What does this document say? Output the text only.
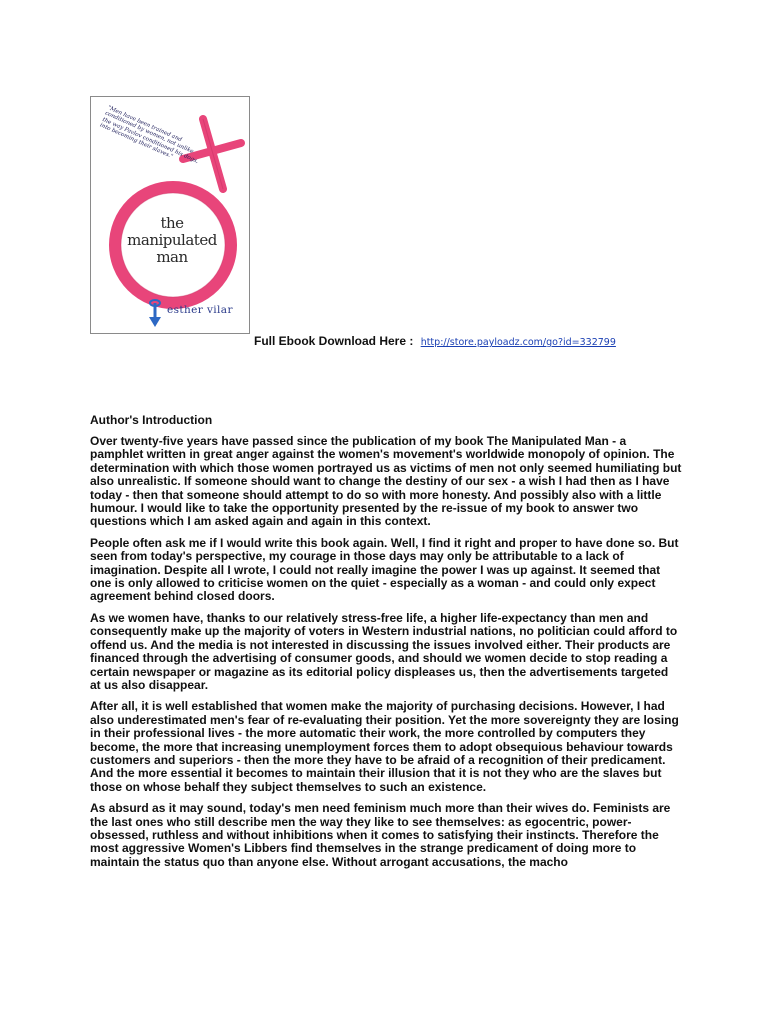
"Men have been trained and conditioned by women, not unlike the way Pavlov conditioned his dogs, into becoming their slaves."
the
manipulated
man
esther vilar
Full Ebook Download Here : http://store.payloadz.com/go?id=332799
Author's Introduction

Over twenty-five years have passed since the publication of my book The Manipulated Man - a pamphlet written in great anger against the women's movement's worldwide monopoly of opinion. The determination with which those women portrayed us as victims of men not only seemed humiliating but also unrealistic. If someone should want to change the destiny of our sex - a wish I had then as I have today - then that someone should attempt to do so with more honesty. And possibly also with a little humour. I would like to take the opportunity presented by the re-issue of my book to answer two questions which I am asked again and again in this context.

People often ask me if I would write this book again. Well, I find it right and proper to have done so. But seen from today's perspective, my courage in those days may only be attributable to a lack of imagination. Despite all I wrote, I could not really imagine the power I was up against. It seemed that one is only allowed to criticise women on the quiet - especially as a woman - and could only expect agreement behind closed doors.

As we women have, thanks to our relatively stress-free life, a higher life-expectancy than men and consequently make up the majority of voters in Western industrial nations, no politician could afford to offend us. And the media is not interested in discussing the issues involved either. Their products are financed through the advertising of consumer goods, and should we women decide to stop reading a certain newspaper or magazine as its editorial policy displeases us, then the advertisements targeted at us also disappear.

After all, it is well established that women make the majority of purchasing decisions. However, I had also underestimated men's fear of re-evaluating their position. Yet the more sovereignty they are losing in their professional lives - the more automatic their work, the more controlled by computers they become, the more that increasing unemployment forces them to adopt obsequious behaviour towards customers and superiors - then the more they have to be afraid of a recognition of their predicament. And the more essential it becomes to maintain their illusion that it is not they who are the slaves but those on whose behalf they subject themselves to such an existence.

As absurd as it may sound, today's men need feminism much more than their wives do. Feminists are the last ones who still describe men the way they like to see themselves: as egocentric, power-obsessed, ruthless and without inhibitions when it comes to satisfying their instincts. Therefore the most aggressive Women's Libbers find themselves in the strange predicament of doing more to maintain the status quo than anyone else. Without arrogant accusations, the macho
